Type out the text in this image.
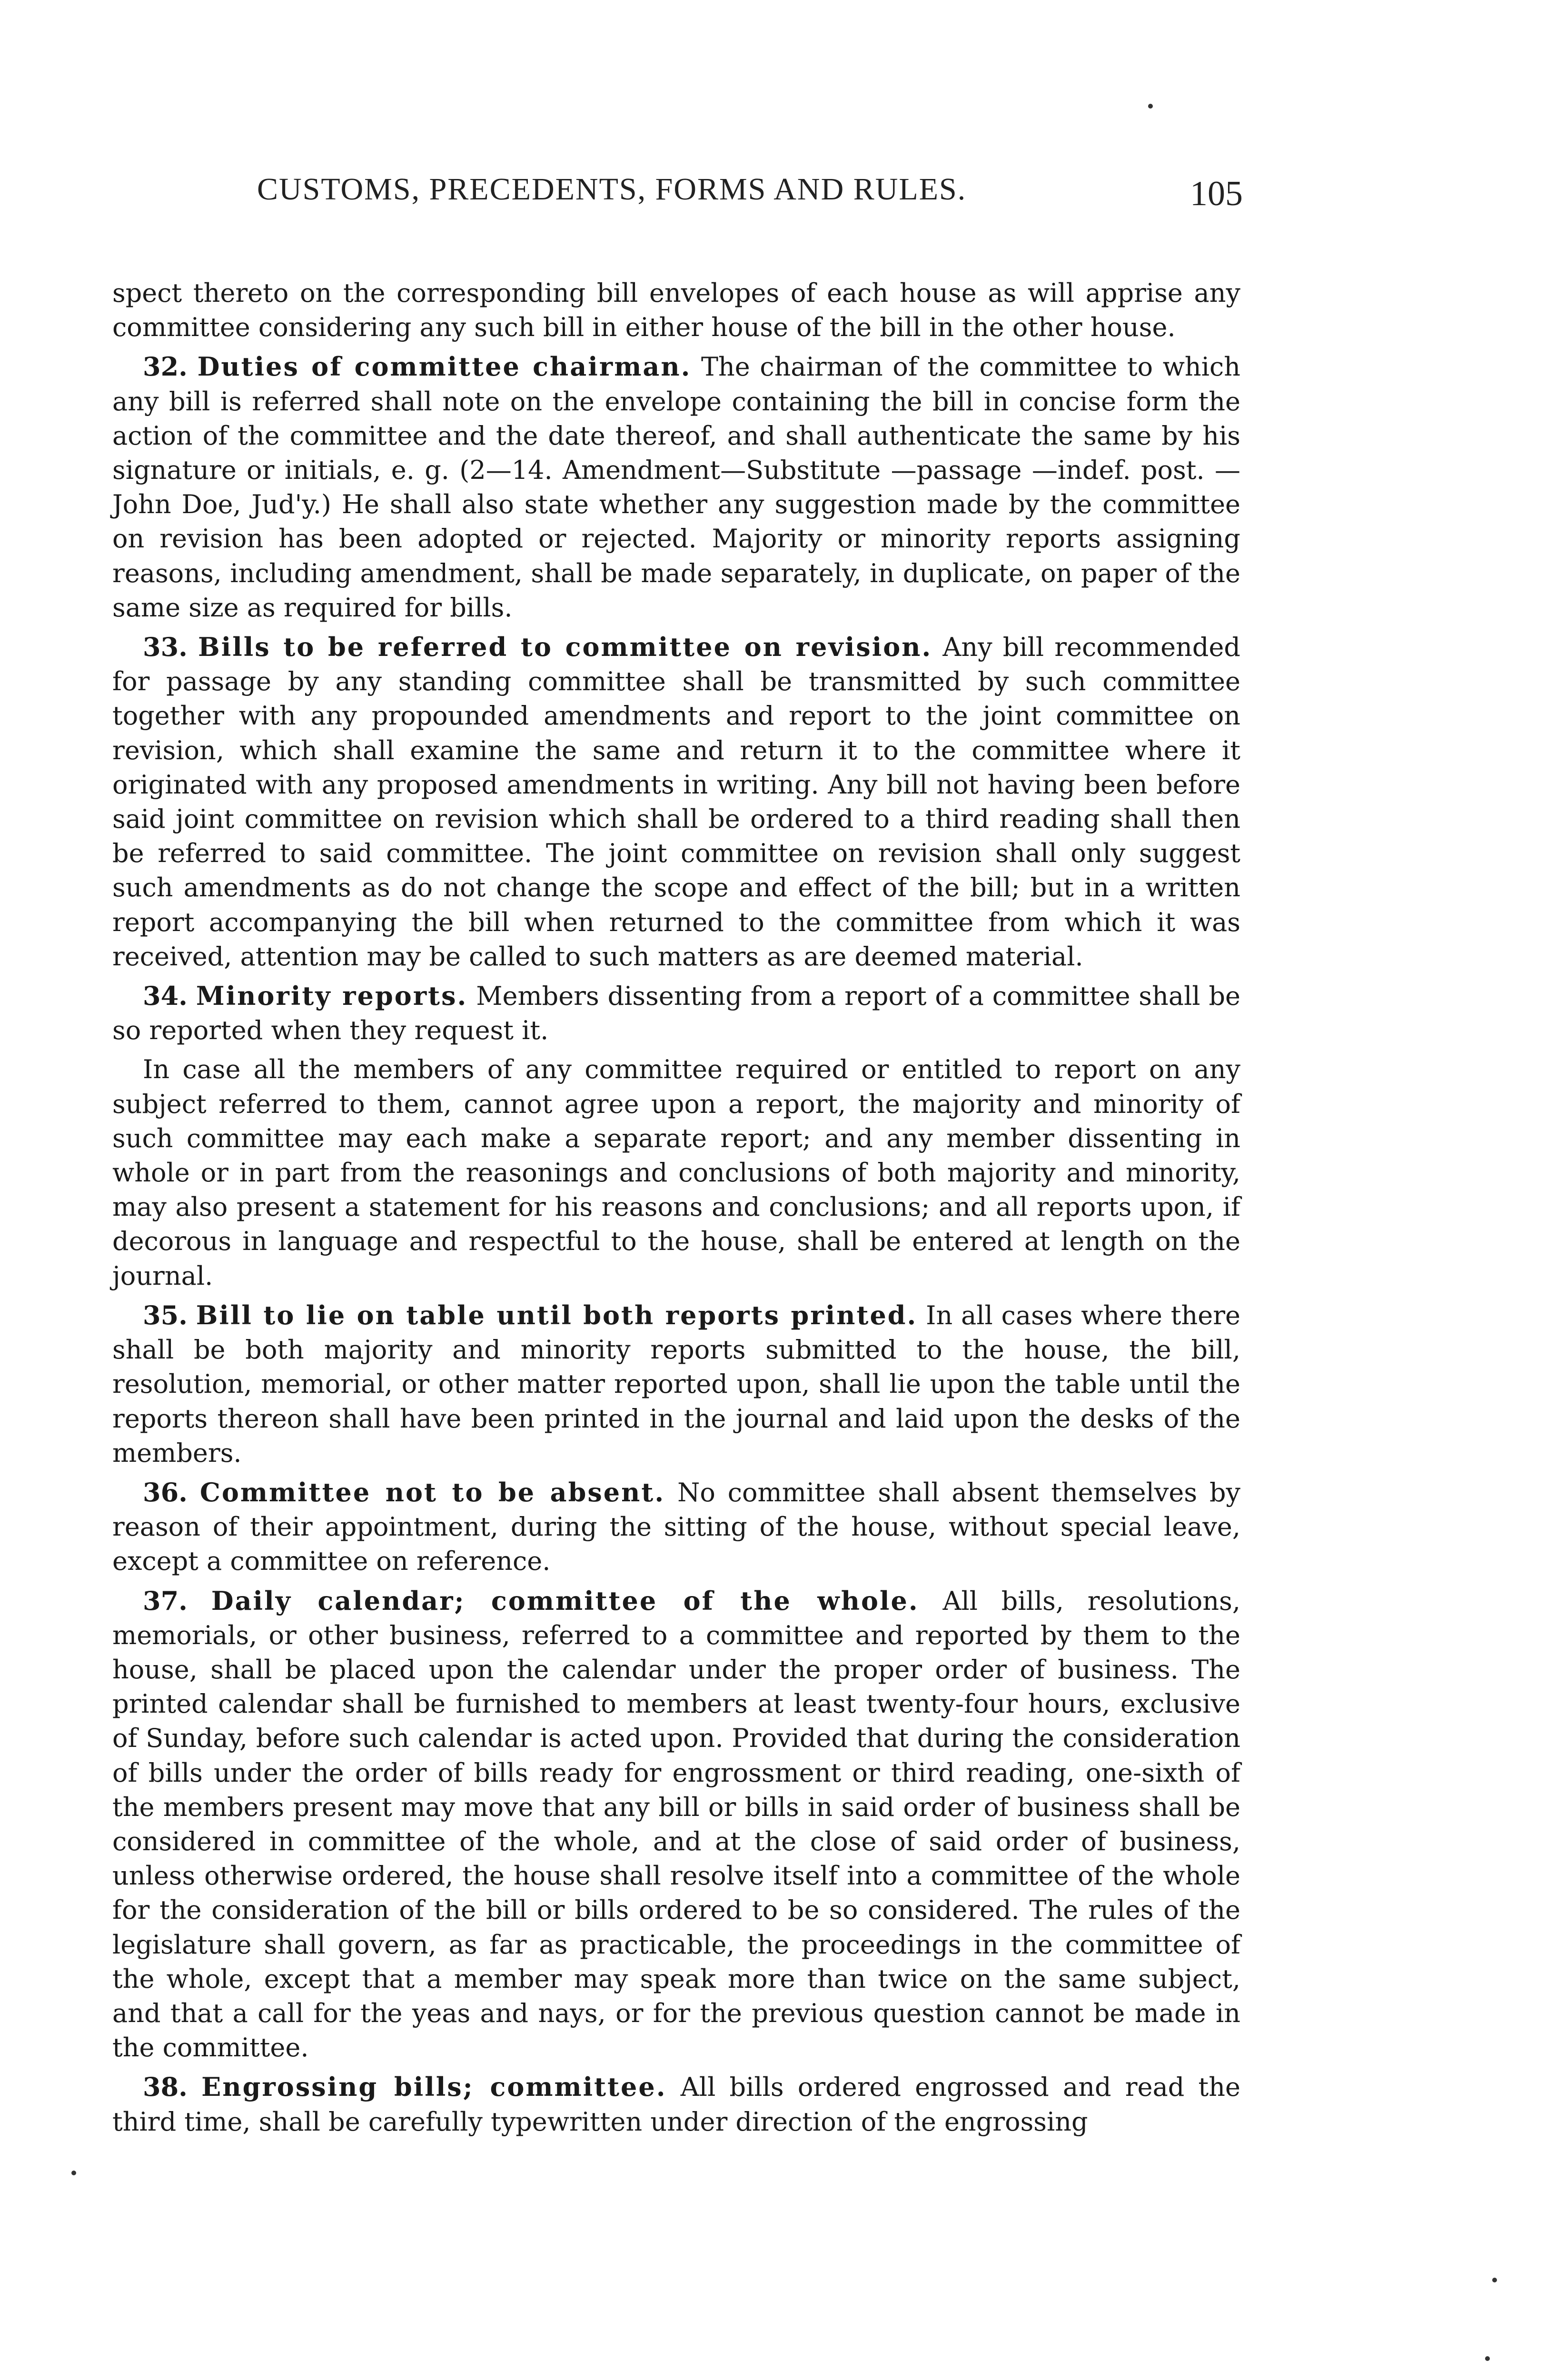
CUSTOMS, PRECEDENTS, FORMS AND RULES.	105

spect thereto on the corresponding bill envelopes of each house as will apprise any committee considering any such bill in either house of the bill in the other house.

32. Duties of committee chairman. The chairman of the committee to which any bill is referred shall note on the envelope containing the bill in concise form the action of the committee and the date thereof, and shall authenticate the same by his signature or initials, e. g. (2—14. Amendment—Substitute —passage —indef. post. —John Doe, Jud'y.) He shall also state whether any suggestion made by the committee on revision has been adopted or rejected. Majority or minority reports assigning reasons, including amendment, shall be made separately, in duplicate, on paper of the same size as required for bills.

33. Bills to be referred to committee on revision. Any bill recommended for passage by any standing committee shall be transmitted by such committee together with any propounded amendments and report to the joint committee on revision, which shall examine the same and return it to the committee where it originated with any proposed amendments in writing. Any bill not having been before said joint committee on revision which shall be ordered to a third reading shall then be referred to said committee. The joint committee on revision shall only suggest such amendments as do not change the scope and effect of the bill; but in a written report accompanying the bill when returned to the committee from which it was received, attention may be called to such matters as are deemed material.

34. Minority reports. Members dissenting from a report of a committee shall be so reported when they request it.

In case all the members of any committee required or entitled to report on any subject referred to them, cannot agree upon a report, the majority and minority of such committee may each make a separate report; and any member dissenting in whole or in part from the reasonings and conclusions of both majority and minority, may also present a statement for his reasons and conclusions; and all reports upon, if decorous in language and respectful to the house, shall be entered at length on the journal.

35. Bill to lie on table until both reports printed. In all cases where there shall be both majority and minority reports submitted to the house, the bill, resolution, memorial, or other matter reported upon, shall lie upon the table until the reports thereon shall have been printed in the journal and laid upon the desks of the members.

36. Committee not to be absent. No committee shall absent themselves by reason of their appointment, during the sitting of the house, without special leave, except a committee on reference.

37. Daily calendar; committee of the whole. All bills, resolutions, memorials, or other business, referred to a committee and reported by them to the house, shall be placed upon the calendar under the proper order of business. The printed calendar shall be furnished to members at least twenty-four hours, exclusive of Sunday, before such calendar is acted upon. Provided that during the consideration of bills under the order of bills ready for engrossment or third reading, one-sixth of the members present may move that any bill or bills in said order of business shall be considered in committee of the whole, and at the close of said order of business, unless otherwise ordered, the house shall resolve itself into a committee of the whole for the consideration of the bill or bills ordered to be so considered. The rules of the legislature shall govern, as far as practicable, the proceedings in the committee of the whole, except that a member may speak more than twice on the same subject, and that a call for the yeas and nays, or for the previous question cannot be made in the committee.

38. Engrossing bills; committee. All bills ordered engrossed and read the third time, shall be carefully typewritten under direction of the engrossing
